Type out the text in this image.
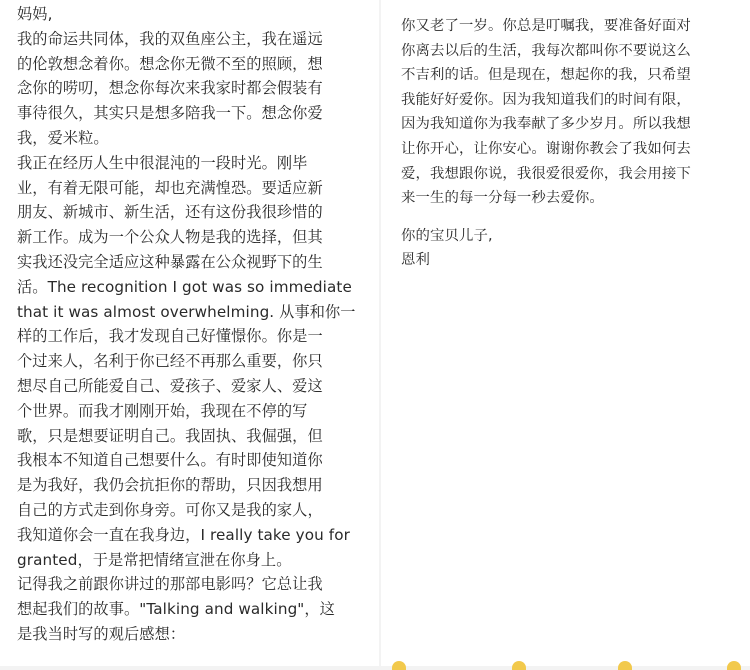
妈妈,
我的命运共同体，我的双鱼座公主，我在遥远
的伦敦想念着你。想念你无微不至的照顾，想
念你的唠叨，想念你每次来我家时都会假装有
事待很久，其实只是想多陪我一下。想念你爱
我，爱米粒。
我正在经历人生中很混沌的一段时光。刚毕
业，有着无限可能，却也充满惶恐。要适应新
朋友、新城市、新生活，还有这份我很珍惜的
新工作。成为一个公众人物是我的选择，但其
实我还没完全适应这种暴露在公众视野下的生
活。The recognition I got was so immediate
that it was almost overwhelming. 从事和你一
样的工作后，我才发现自己好懂憬你。你是一
个过来人，名利于你已经不再那么重要，你只
想尽自己所能爱自己、爱孩子、爱家人、爱这
个世界。而我才刚刚开始，我现在不停的写
歌，只是想要证明自己。我固执、我倔强，但
我根本不知道自己想要什么。有时即使知道你
是为我好，我仍会抗拒你的帮助，只因我想用
自己的方式走到你身旁。可你又是我的家人，
我知道你会一直在我身边，I really take you for
granted，于是常把情绪宣泄在你身上。
记得我之前跟你讲过的那部电影吗？它总让我
想起我们的故事。"Talking and walking"，这
是我当时写的观后感想：
你又老了一岁。你总是叮嘱我，要准备好面对
你离去以后的生活，我每次都叫你不要说这么
不吉利的话。但是现在，想起你的我，只希望
我能好好爱你。因为我知道我们的时间有限，
因为我知道你为我奉献了多少岁月。所以我想
让你开心，让你安心。谢谢你教会了我如何去
爱，我想跟你说，我很爱很爱你，我会用接下
来一生的每一分每一秒去爱你。
你的宝贝儿子,
恩利
